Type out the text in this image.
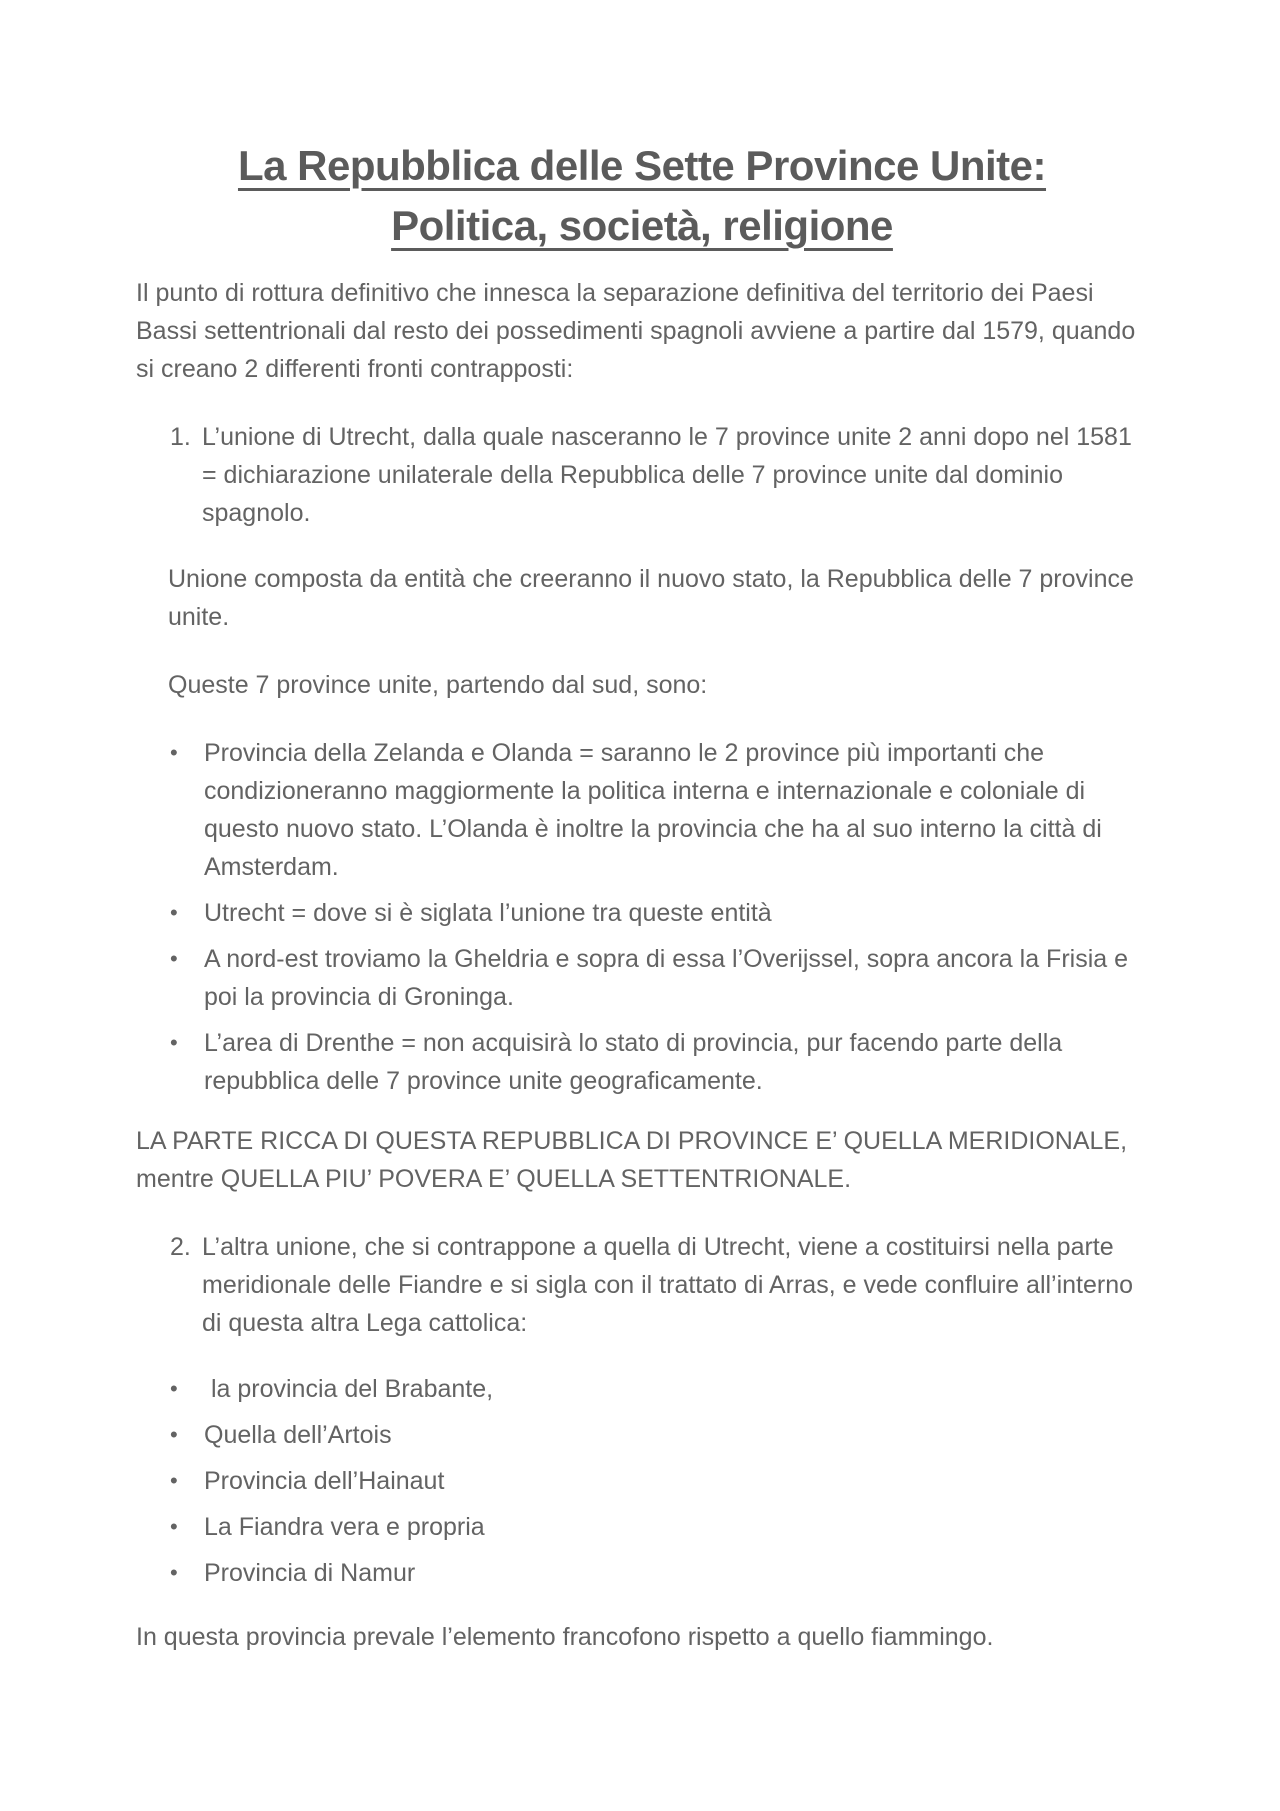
La Repubblica delle Sette Province Unite:
Politica, società, religione

Il punto di rottura definitivo che innesca la separazione definitiva del territorio dei Paesi Bassi settentrionali dal resto dei possedimenti spagnoli avviene a partire dal 1579, quando si creano 2 differenti fronti contrapposti:

1. L’unione di Utrecht, dalla quale nasceranno le 7 province unite 2 anni dopo nel 1581 = dichiarazione unilaterale della Repubblica delle 7 province unite dal dominio spagnolo.

Unione composta da entità che creeranno il nuovo stato, la Repubblica delle 7 province unite.

Queste 7 province unite, partendo dal sud, sono:

•	Provincia della Zelanda e Olanda = saranno le 2 province più importanti che condizioneranno maggiormente la politica interna e internazionale e coloniale di questo nuovo stato. L’Olanda è inoltre la provincia che ha al suo interno la città di Amsterdam.
•	Utrecht = dove si è siglata l’unione tra queste entità
•	A nord-est troviamo la Gheldria e sopra di essa l’Overijssel, sopra ancora la Frisia e poi la provincia di Groninga.
•	L’area di Drenthe = non acquisirà lo stato di provincia, pur facendo parte della repubblica delle 7 province unite geograficamente.

LA PARTE RICCA DI QUESTA REPUBBLICA DI PROVINCE E’ QUELLA MERIDIONALE, mentre QUELLA PIU’ POVERA E’ QUELLA SETTENTRIONALE.

2. L’altra unione, che si contrappone a quella di Utrecht, viene a costituirsi nella parte meridionale delle Fiandre e si sigla con il trattato di Arras, e vede confluire all’interno di questa altra Lega cattolica:
•	la provincia del Brabante,
•	Quella dell’Artois
•	Provincia dell’Hainaut
•	La Fiandra vera e propria
•	Provincia di Namur

In questa provincia prevale l’elemento francofono rispetto a quello fiammingo.
